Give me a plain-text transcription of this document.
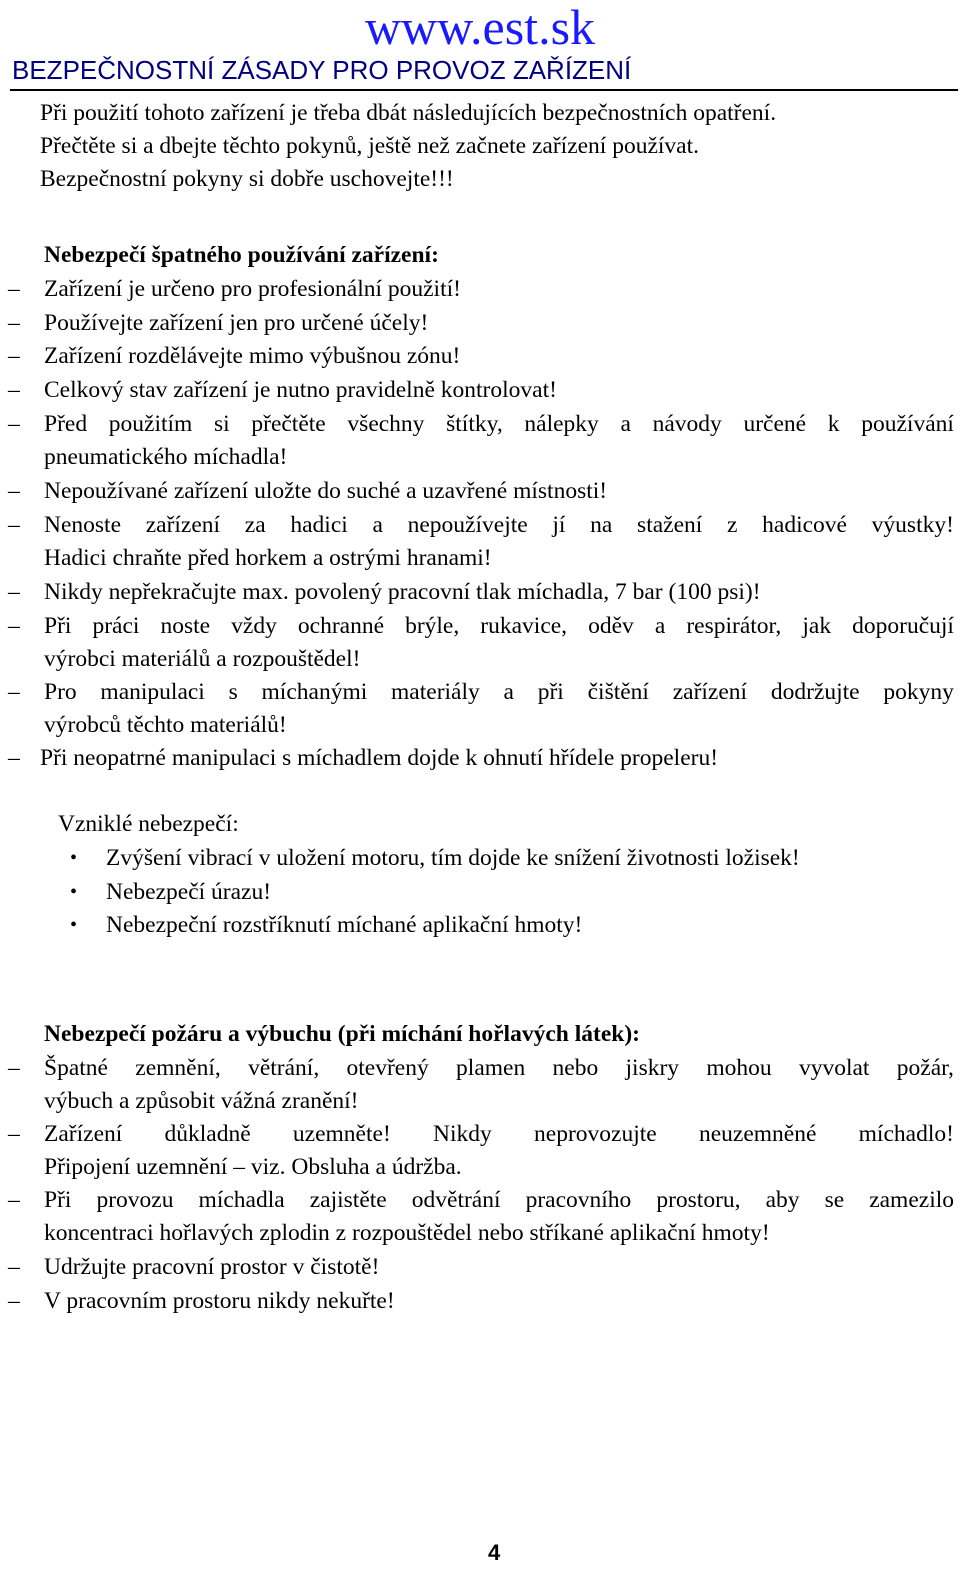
www.est.sk
BEZPEČNOSTNÍ ZÁSADY PRO PROVOZ ZAŘÍZENÍ
Při použití tohoto zařízení je třeba dbát následujících bezpečnostních opatření.
Přečtěte si a dbejte těchto pokynů, ještě než začnete zařízení používat.
Bezpečnostní pokyny si dobře uschovejte!!!
Nebezpečí špatného používání zařízení:
–	Zařízení je určeno pro profesionální použití!
–	Používejte zařízení jen pro určené účely!
–	Zařízení rozdělávejte mimo výbušnou zónu!
–	Celkový stav zařízení je nutno pravidelně kontrolovat!
–	Před použitím si přečtěte všechny štítky, nálepky a návody určené k používání
pneumatického míchadla!
–	Nepoužívané zařízení uložte do suché a uzavřené místnosti!
–	Nenoste zařízení za hadici a nepoužívejte jí na stažení z hadicové výustky!
Hadici chraňte před horkem a ostrými hranami!
–	Nikdy nepřekračujte max. povolený pracovní tlak míchadla, 7 bar (100 psi)!
–	Při práci noste vždy ochranné brýle, rukavice, oděv a respirátor, jak doporučují
výrobci materiálů a rozpouštědel!
–	Pro manipulaci s míchanými materiály a při čištění zařízení dodržujte pokyny
výrobců těchto materiálů!
– Při neopatrné manipulaci s míchadlem dojde k ohnutí hřídele propeleru!
Vzniklé nebezpečí:
• Zvýšení vibrací v uložení motoru, tím dojde ke snížení životnosti ložisek!
• Nebezpečí úrazu!
• Nebezpeční rozstříknutí míchané aplikační hmoty!
Nebezpečí požáru a výbuchu (při míchání hořlavých látek):
–	Špatné zemnění, větrání, otevřený plamen nebo jiskry mohou vyvolat požár,
výbuch a způsobit vážná zranění!
–	Zařízení důkladně uzemněte! Nikdy neprovozujte neuzemněné míchadlo!
Připojení uzemnění – viz. Obsluha a údržba.
–	Při provozu míchadla zajistěte odvětrání pracovního prostoru, aby se zamezilo
koncentraci hořlavých zplodin z rozpouštědel nebo stříkané aplikační hmoty!
–	Udržujte pracovní prostor v čistotě!
–	V pracovním prostoru nikdy nekuřte!
4
